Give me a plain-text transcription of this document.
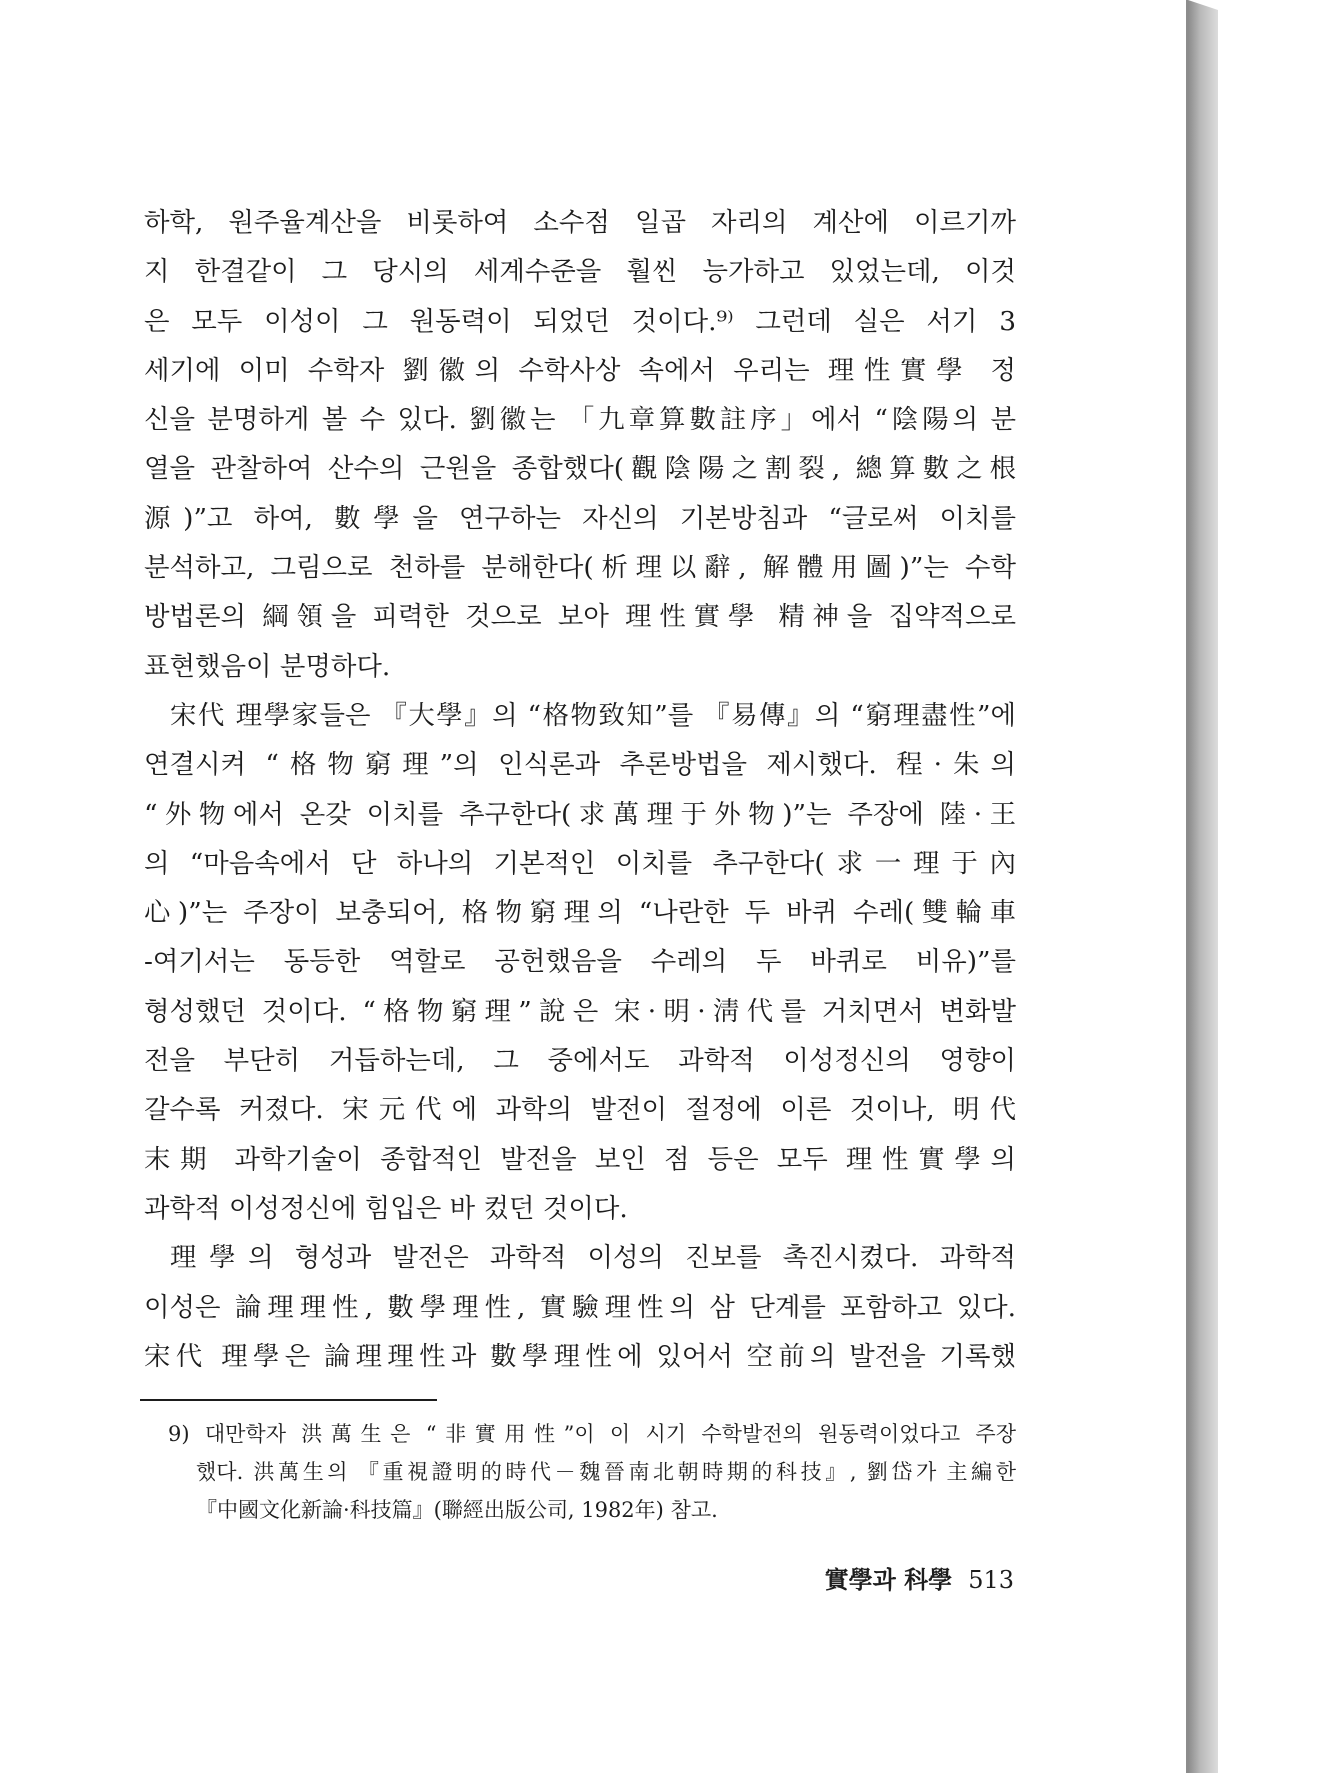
하학, 원주율계산을 비롯하여 소수점 일곱 자리의 계산에 이르기까
지 한결같이 그 당시의 세계수준을 훨씬 능가하고 있었는데, 이것
은 모두 이성이 그 원동력이 되었던 것이다.⁹⁾ 그런데 실은 서기 3
세기에 이미 수학자 劉徽의 수학사상 속에서 우리는 理性實學 정
신을 분명하게 볼 수 있다. 劉徽는 「九章算數註序」에서 “陰陽의 분
열을 관찰하여 산수의 근원을 종합했다(觀陰陽之割裂, 總算數之根
源)”고 하여, 數學을 연구하는 자신의 기본방침과 “글로써 이치를
분석하고, 그림으로 천하를 분해한다(析理以辭, 解體用圖)”는 수학
방법론의 綱領을 피력한 것으로 보아 理性實學 精神을 집약적으로
표현했음이 분명하다.

宋代 理學家들은 『大學』의 “格物致知”를 『易傳』의 “窮理盡性”에
연결시켜 “格物窮理”의 인식론과 추론방법을 제시했다. 程·朱의
“外物에서 온갖 이치를 추구한다(求萬理于外物)”는 주장에 陸·王
의 “마음속에서 단 하나의 기본적인 이치를 추구한다(求一理于內
心)”는 주장이 보충되어, 格物窮理의 “나란한 두 바퀴 수레(雙輪車
-여기서는 동등한 역할로 공헌했음을 수레의 두 바퀴로 비유)”를
형성했던 것이다. “格物窮理”說은 宋·明·淸代를 거치면서 변화발
전을 부단히 거듭하는데, 그 중에서도 과학적 이성정신의 영향이
갈수록 커졌다. 宋元代에 과학의 발전이 절정에 이른 것이나, 明代
末期 과학기술이 종합적인 발전을 보인 점 등은 모두 理性實學의
과학적 이성정신에 힘입은 바 컸던 것이다.

理學의 형성과 발전은 과학적 이성의 진보를 촉진시켰다. 과학적
이성은 論理理性, 數學理性, 實驗理性의 삼 단계를 포함하고 있다.
宋代 理學은 論理理性과 數學理性에 있어서 空前의 발전을 기록했

9) 대만학자 洪萬生은 “非實用性”이 이 시기 수학발전의 원동력이었다고 주장
했다. 洪萬生의 『重視證明的時代－魏晉南北朝時期的科技』, 劉岱가 主編한
『中國文化新論·科技篇』(聯經出版公司, 1982年) 참고.
實學과 科學 513
